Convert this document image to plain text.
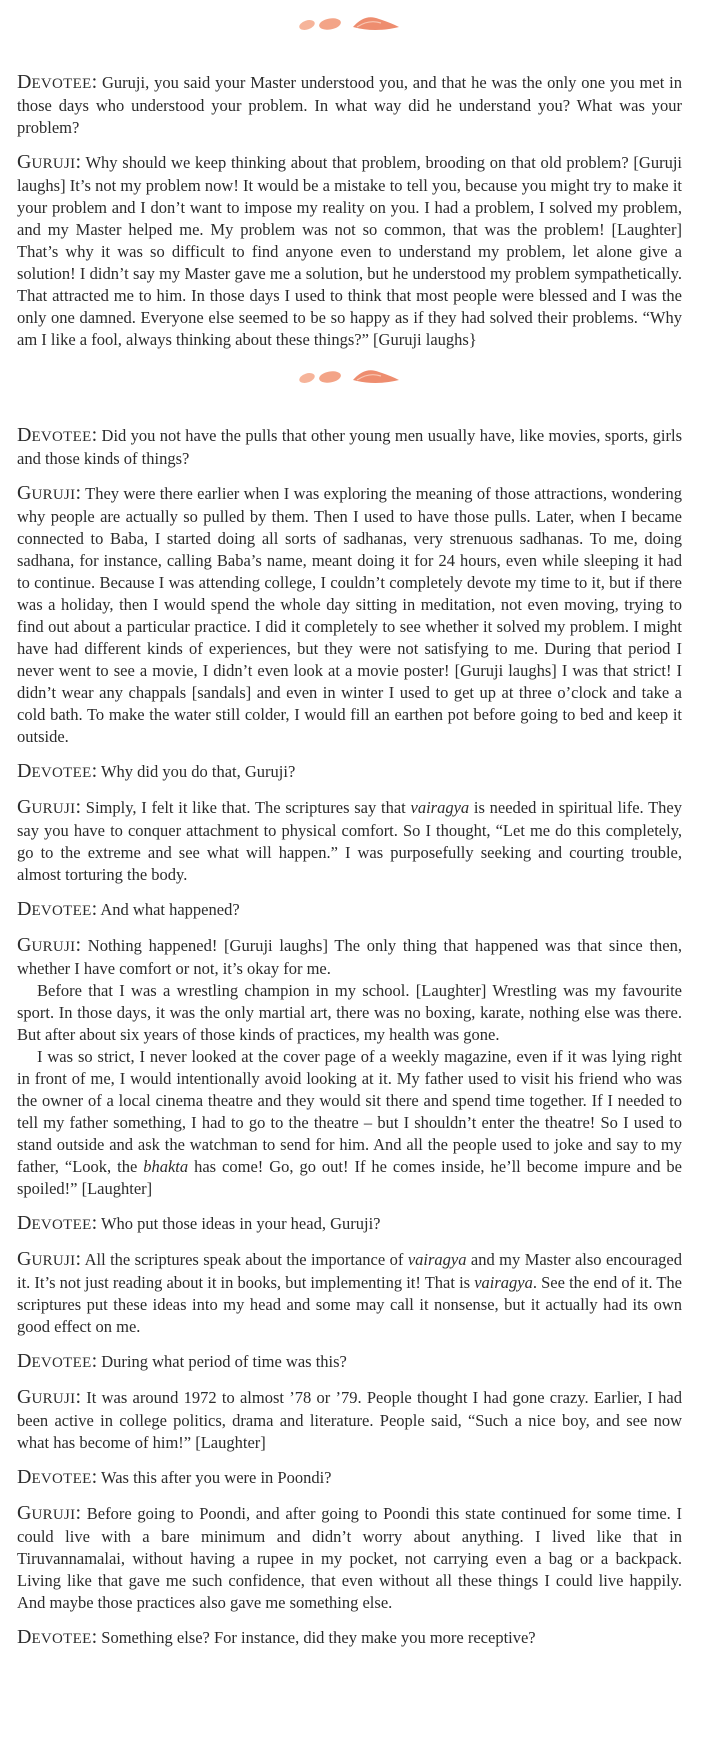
DEVOTEE: Guruji, you said your Master understood you, and that he was the only one you met in those days who understood your problem. In what way did he understand you? What was your problem?
GURUJI: Why should we keep thinking about that problem, brooding on that old problem? [Guruji laughs] It’s not my problem now! It would be a mistake to tell you, because you might try to make it your problem and I don’t want to impose my reality on you. I had a problem, I solved my problem, and my Master helped me. My problem was not so common, that was the problem! [Laughter] That’s why it was so difficult to find anyone even to understand my problem, let alone give a solution! I didn’t say my Master gave me a solution, but he understood my problem sympathetically. That attracted me to him. In those days I used to think that most people were blessed and I was the only one damned. Everyone else seemed to be so happy as if they had solved their problems. “Why am I like a fool, always thinking about these things?” [Guruji laughs}
DEVOTEE: Did you not have the pulls that other young men usually have, like movies, sports, girls and those kinds of things?
GURUJI: They were there earlier when I was exploring the meaning of those attractions, wondering why people are actually so pulled by them. Then I used to have those pulls. Later, when I became connected to Baba, I started doing all sorts of sadhanas, very strenuous sadhanas. To me, doing sadhana, for instance, calling Baba’s name, meant doing it for 24 hours, even while sleeping it had to continue. Because I was attending college, I couldn’t completely devote my time to it, but if there was a holiday, then I would spend the whole day sitting in meditation, not even moving, trying to find out about a particular practice. I did it completely to see whether it solved my problem. I might have had different kinds of experiences, but they were not satisfying to me. During that period I never went to see a movie, I didn’t even look at a movie poster! [Guruji laughs] I was that strict! I didn’t wear any chappals [sandals] and even in winter I used to get up at three o’clock and take a cold bath. To make the water still colder, I would fill an earthen pot before going to bed and keep it outside.
DEVOTEE: Why did you do that, Guruji?
GURUJI: Simply, I felt it like that. The scriptures say that vairagya is needed in spiritual life. They say you have to conquer attachment to physical comfort. So I thought, “Let me do this completely, go to the extreme and see what will happen.” I was purposefully seeking and courting trouble, almost torturing the body.
DEVOTEE: And what happened?

GURUJI: Nothing happened! [Guruji laughs] The only thing that happened was that since then, whether I have comfort or not, it’s okay for me.

Before that I was a wrestling champion in my school. [Laughter] Wrestling was my favourite sport. In those days, it was the only martial art, there was no boxing, karate, nothing else was there. But after about six years of those kinds of practices, my health was gone.

I was so strict, I never looked at the cover page of a weekly magazine, even if it was lying right in front of me, I would intentionally avoid looking at it. My father used to visit his friend who was the owner of a local cinema theatre and they would sit there and spend time together. If I needed to tell my father something, I had to go to the theatre – but I shouldn’t enter the theatre! So I used to stand outside and ask the watchman to send for him. And all the people used to joke and say to my father, “Look, the bhakta has come! Go, go out! If he comes inside, he’ll become impure and be spoiled!” [Laughter]

DEVOTEE: Who put those ideas in your head, Guruji?
GURUJI: All the scriptures speak about the importance of vairagya and my Master also encouraged it. It’s not just reading about it in books, but implementing it! That is vairagya. See the end of it. The scriptures put these ideas into my head and some may call it nonsense, but it actually had its own good effect on me.
DEVOTEE: During what period of time was this?
GURUJI: It was around 1972 to almost ’78 or ’79. People thought I had gone crazy. Earlier, I had been active in college politics, drama and literature. People said, “Such a nice boy, and see now what has become of him!” [Laughter]
DEVOTEE: Was this after you were in Poondi?
GURUJI: Before going to Poondi, and after going to Poondi this state continued for some time. I could live with a bare minimum and didn’t worry about anything. I lived like that in Tiruvannamalai, without having a rupee in my pocket, not carrying even a bag or a backpack. Living like that gave me such confidence, that even without all these things I could live happily. And maybe those practices also gave me something else.
DEVOTEE: Something else? For instance, did they make you more receptive?
